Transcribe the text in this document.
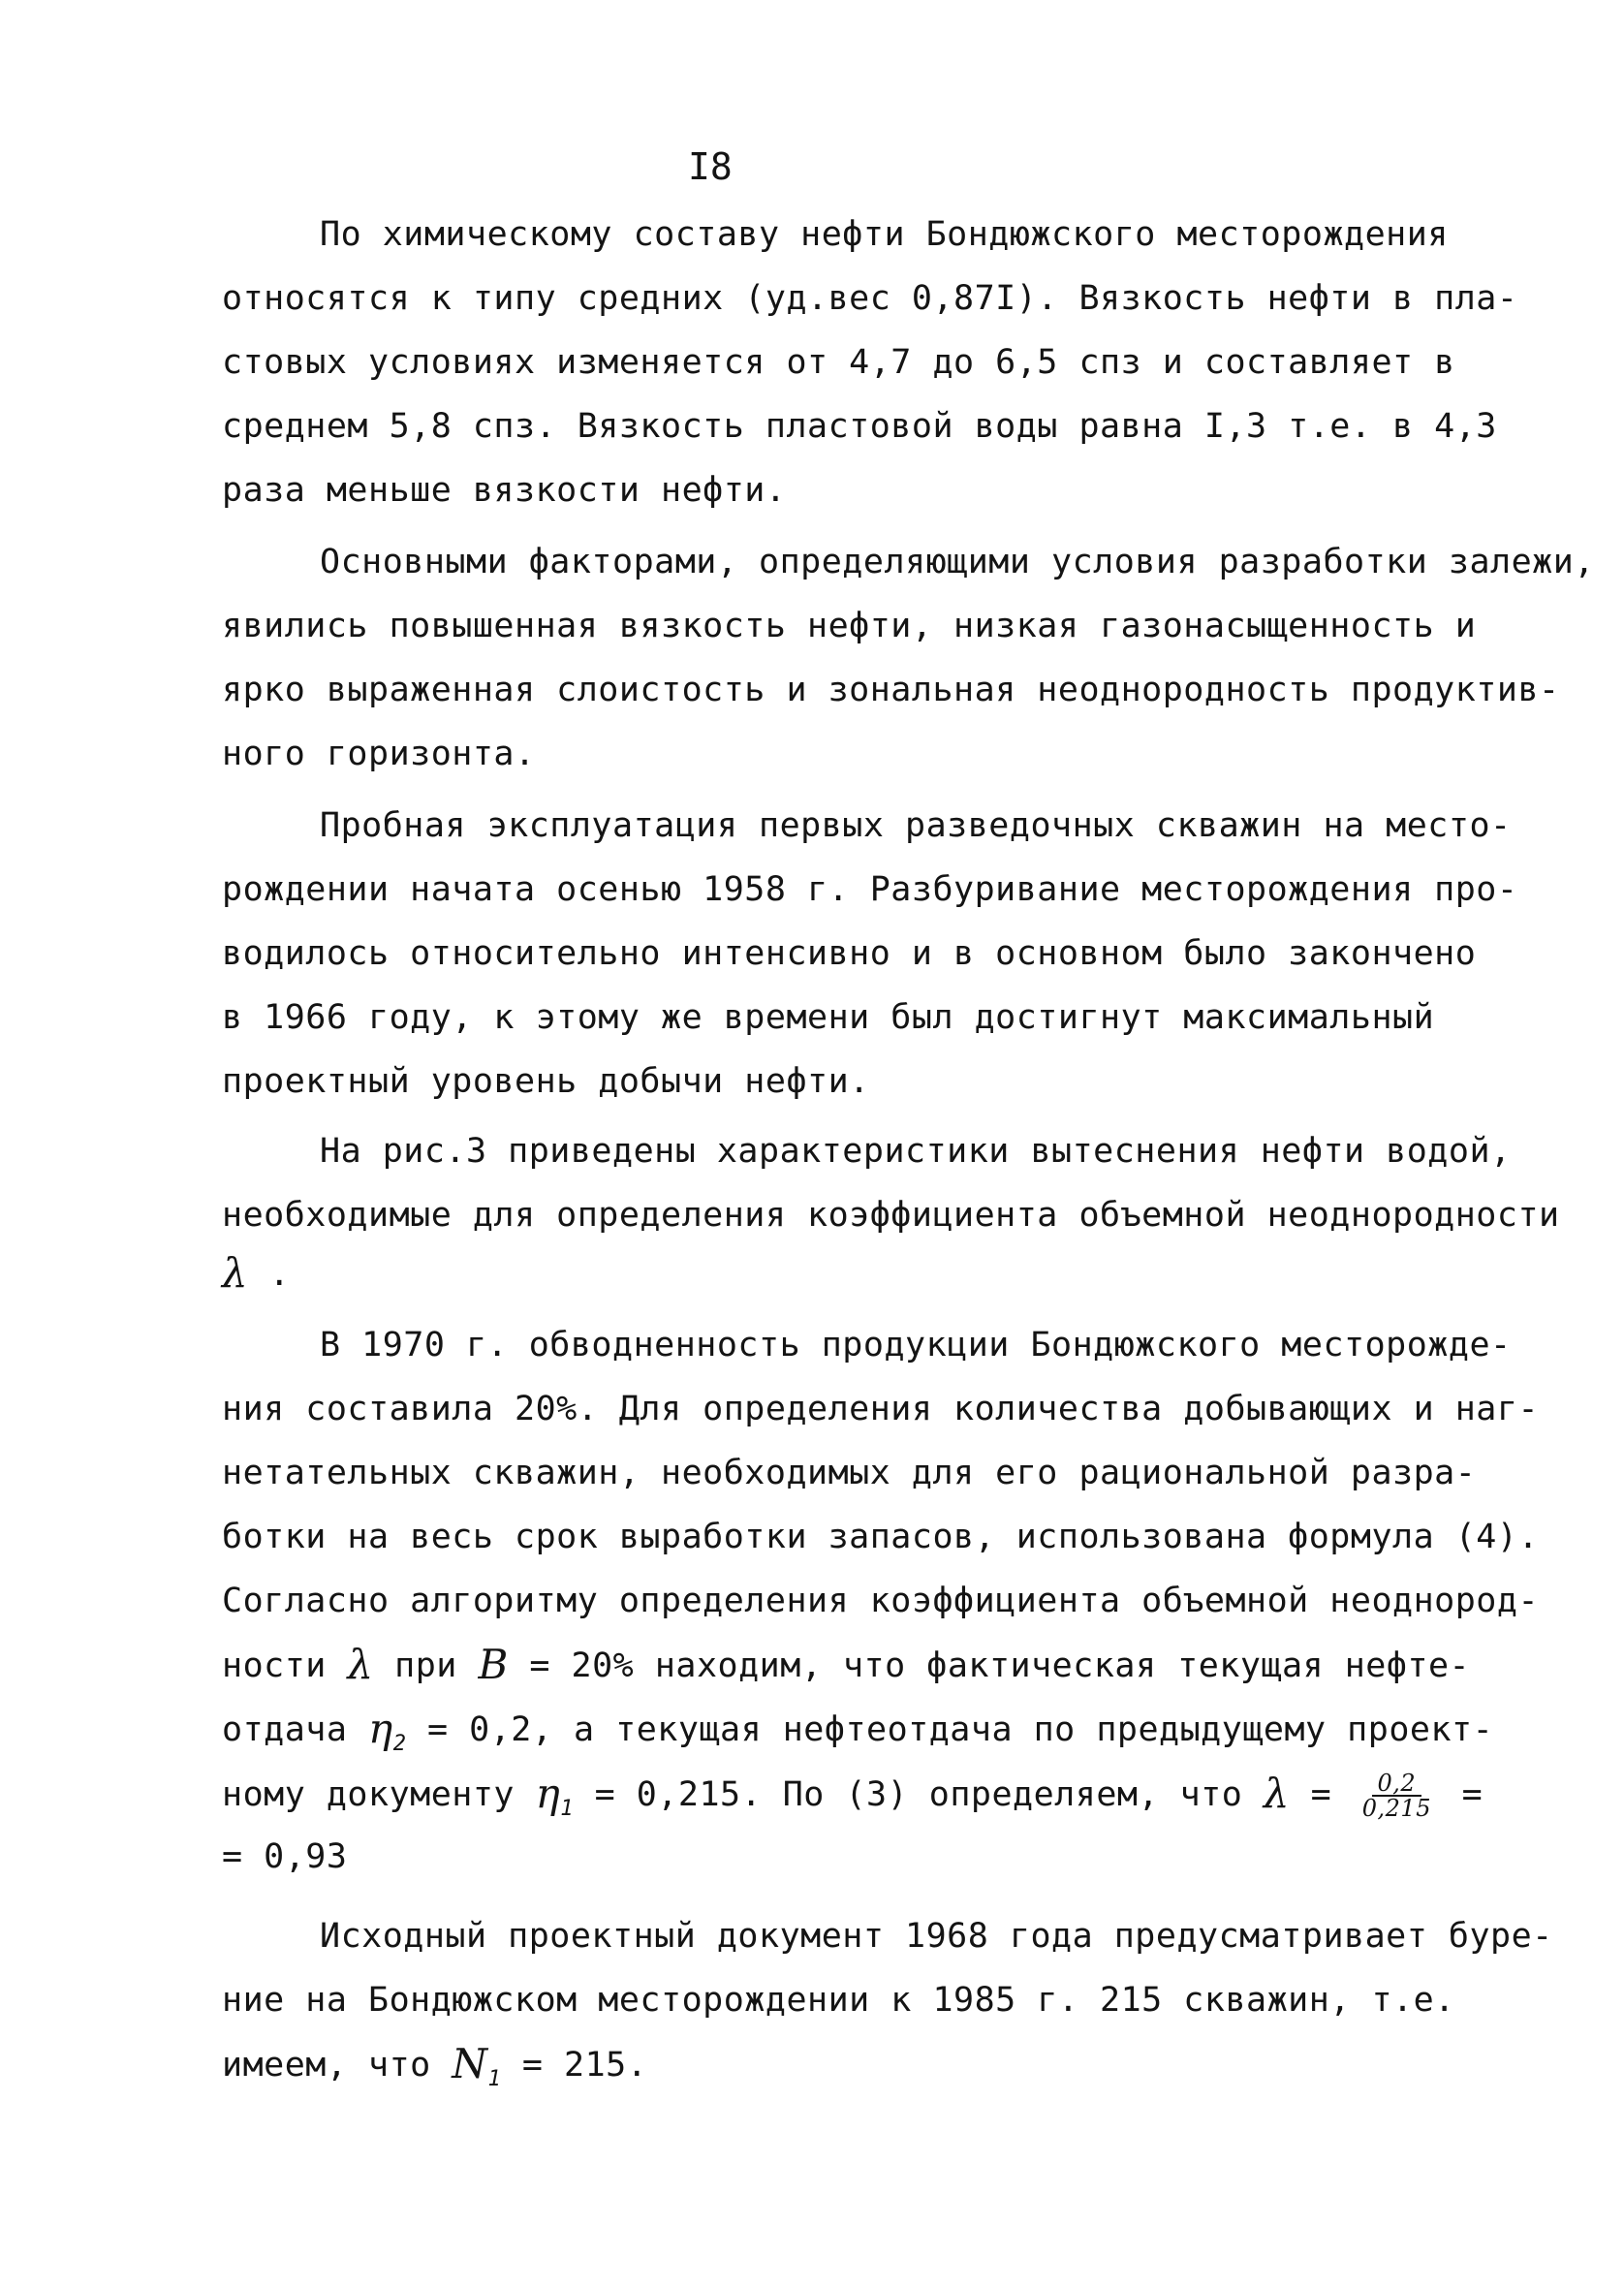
I8
По химическому составу нефти Бондюжского месторождения
относятся к типу средних (уд.вес 0,87I). Вязкость нефти в пла-
стовых условиях изменяется от 4,7 до 6,5 спз и составляет в
среднем 5,8 спз. Вязкость пластовой воды равна I,3 т.е. в 4,3
раза меньше вязкости нефти.
Основными факторами, определяющими условия разработки залежи,
явились повышенная вязкость нефти, низкая газонасыщенность и
ярко выраженная слоистость и зональная неоднородность продуктив-
ного горизонта.
Пробная эксплуатация первых разведочных скважин на место-
рождении начата осенью 1958 г. Разбуривание месторождения про-
водилось относительно интенсивно и в основном было закончено
в 1966 году, к этому же времени был достигнут максимальный
проектный уровень добычи нефти.
На рис.3 приведены характеристики вытеснения нефти водой,
необходимые для определения коэффициента объемной неоднородности
λ .
В 1970 г. обводненность продукции Бондюжского месторожде-
ния составила 20%. Для определения количества добывающих и наг-
нетательных скважин, необходимых для его рациональной разра-
ботки на весь срок выработки запасов, использована формула (4).
Согласно алгоритму определения коэффициента объемной неоднород-
ности λ при B = 20% находим, что фактическая текущая нефте-
отдача $\eta_2 = 0,2$, а текущая нефтеотдача по предыдущему проект-
ному документу $\eta_1 = 0,215$. По (3) определяем, что $\lambda = \frac{0,2}{0,215}$ =
= 0,93
Исходный проектный документ 1968 года предусматривает буре-
ние на Бондюжском месторождении к 1985 г. 215 скважин, т.е.
имеем, что $N_1 = 215$.
